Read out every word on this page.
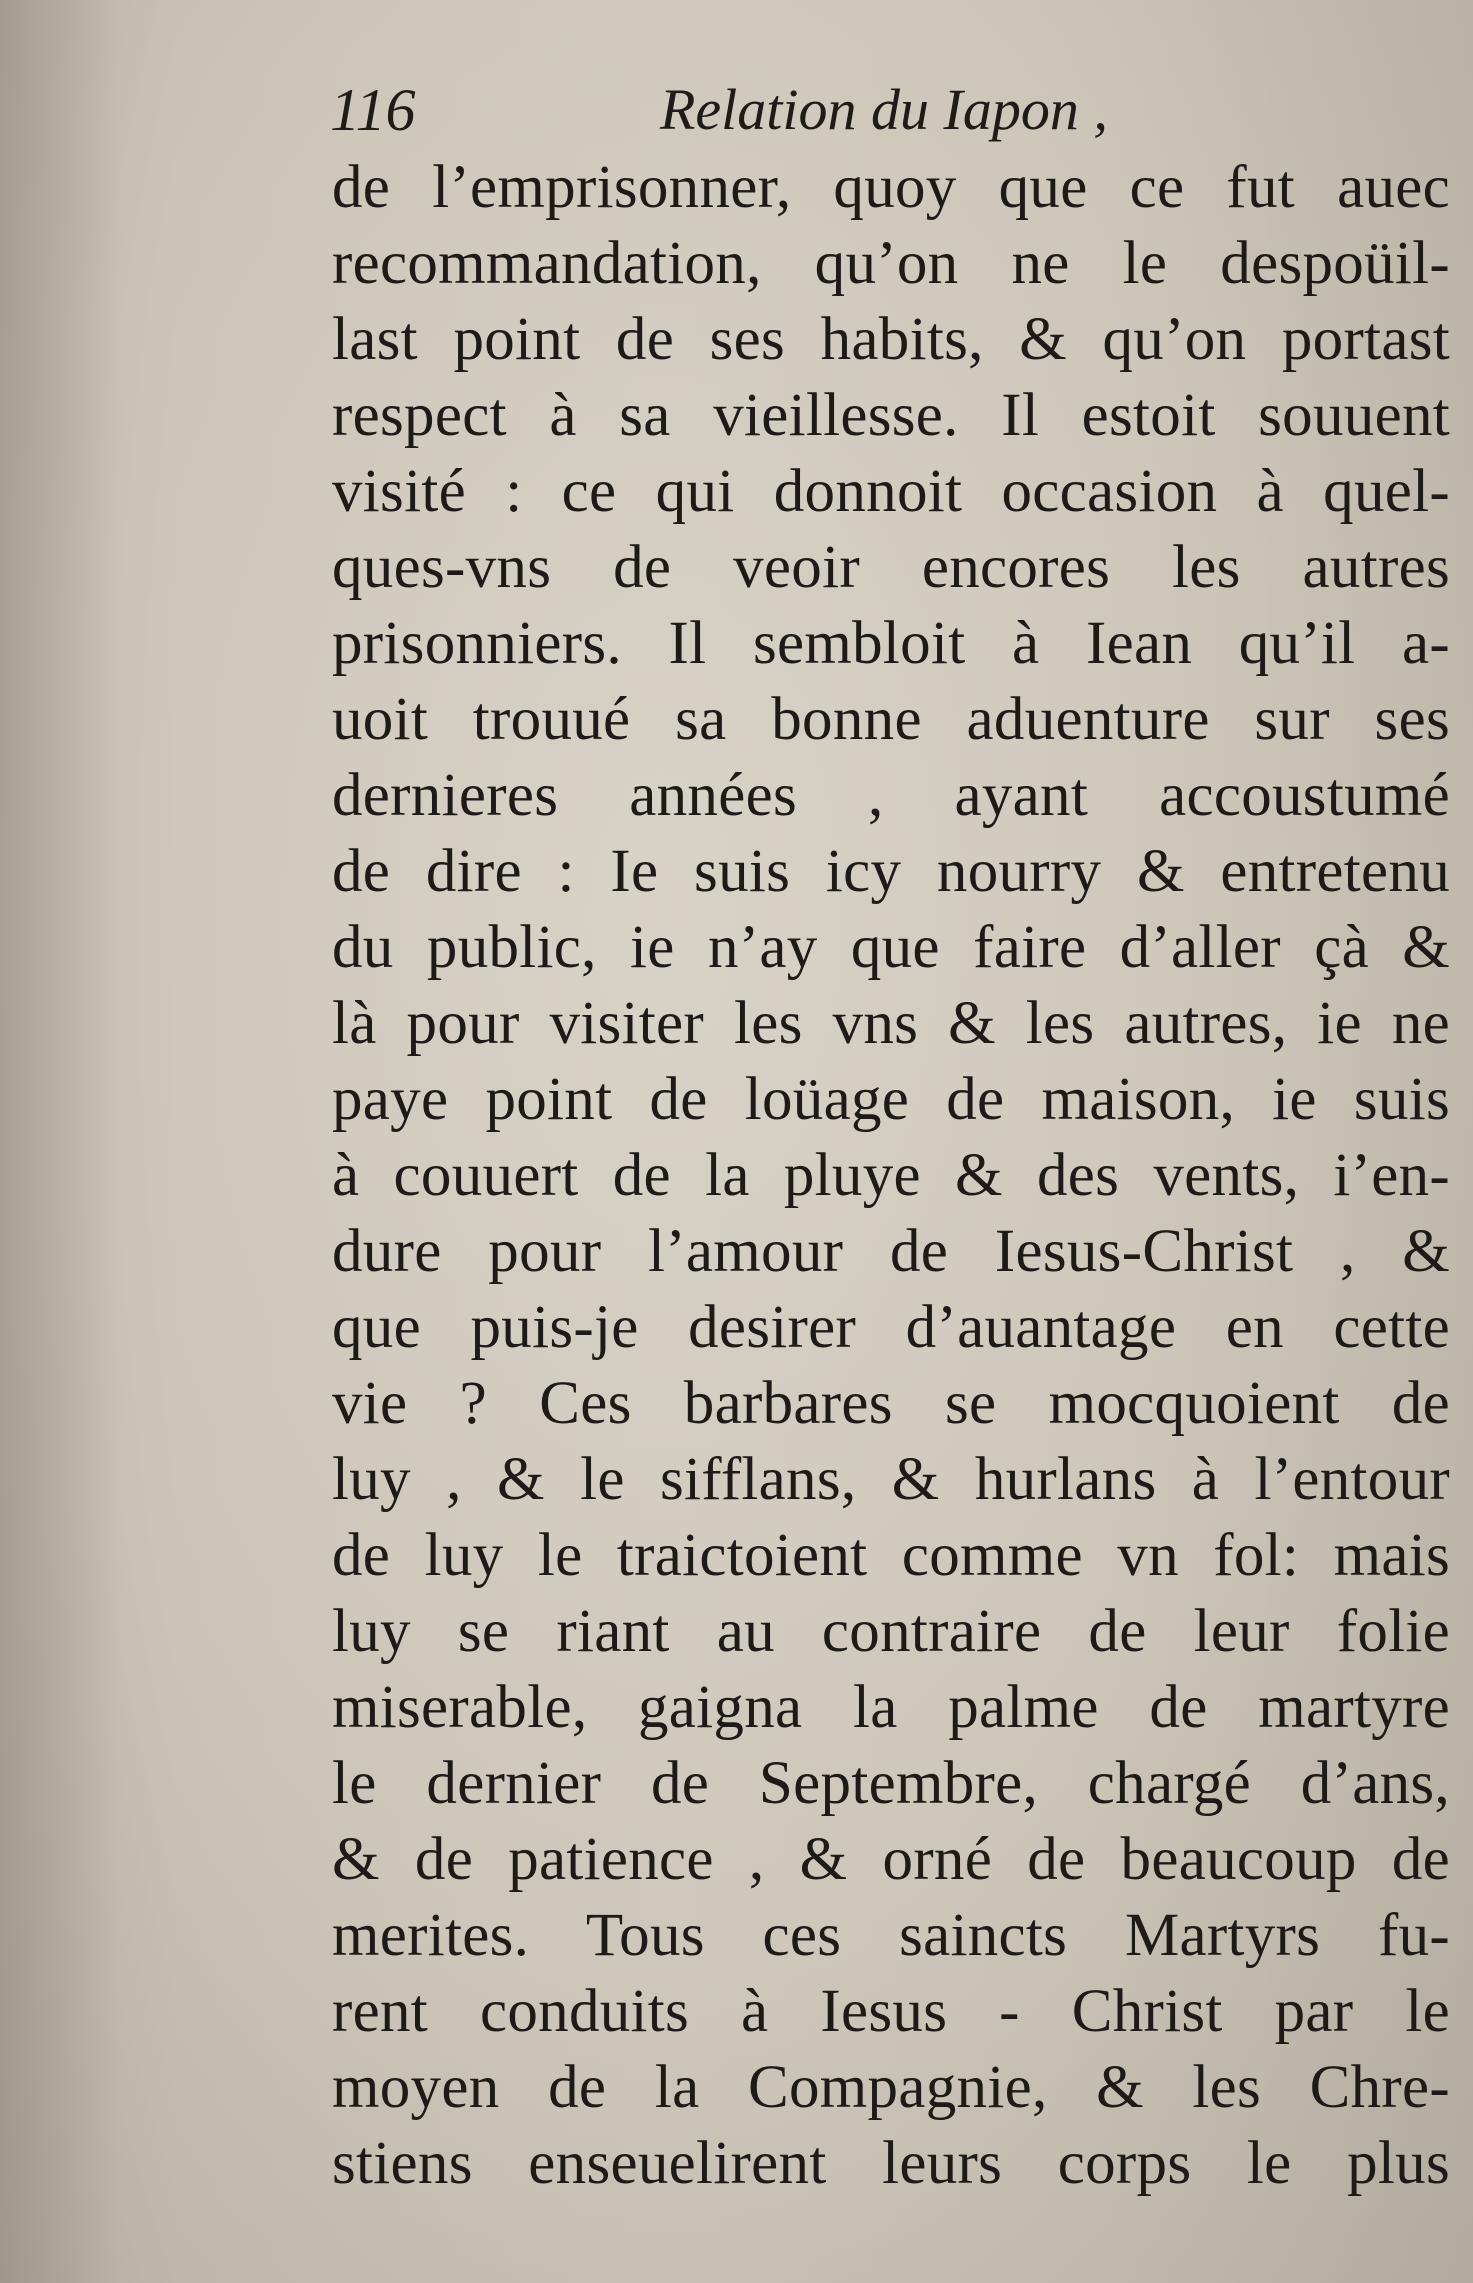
116	Relation du Iapon ,
de l’emprisonner, quoy que ce fut auec
recommandation, qu’on ne le despoüil-
last point de ses habits, & qu’on portast
respect à sa vieillesse. Il estoit souuent
visité : ce qui donnoit occasion à quel-
ques-vns de veoir encores les autres
prisonniers. Il sembloit à Iean qu’il a-
uoit trouué sa bonne aduenture sur ses
dernieres années , ayant accoustumé
de dire : Ie suis icy nourry & entretenu
du public, ie n’ay que faire d’aller çà &
là pour visiter les vns & les autres, ie ne
paye point de loüage de maison, ie suis
à couuert de la pluye & des vents, i’en-
dure pour l’amour de Iesus-Christ , &
que puis-je desirer d’auantage en cette
vie ? Ces barbares se mocquoient de
luy , & le sifflans, & hurlans à l’entour
de luy le traictoient comme vn fol: mais
luy se riant au contraire de leur folie
miserable, gaigna la palme de martyre
le dernier de Septembre, chargé d’ans,
& de patience , & orné de beaucoup de
merites. Tous ces saincts Martyrs fu-
rent conduits à Iesus - Christ par le
moyen de la Compagnie, & les Chre-
stiens enseuelirent leurs corps le plus
